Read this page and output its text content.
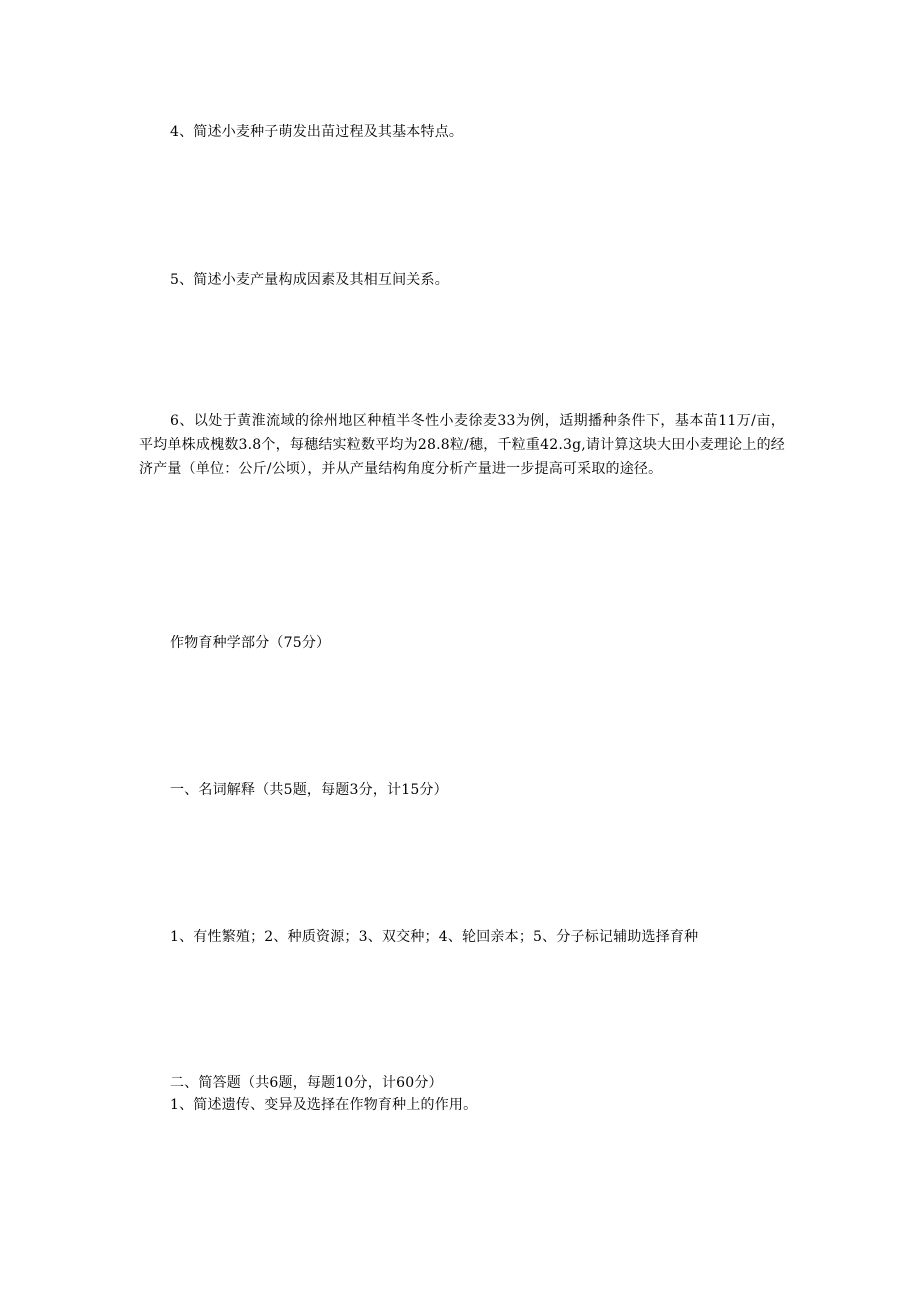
4、简述小麦种子萌发出苗过程及其基本特点。
5、简述小麦产量构成因素及其相互间关系。
6、以处于黄淮流域的徐州地区种植半冬性小麦徐麦33为例，适期播种条件下，基本苗11万/亩，平均单株成槐数3.8个，每穗结实粒数平均为28.8粒/穗，千粒重42.3g,请计算这块大田小麦理论上的经济产量（单位：公斤/公顷），并从产量结构角度分析产量进一步提高可采取的途径。
作物育种学部分（75分）
一、名词解释（共5题，每题3分，计15分）
1、有性繁殖；2、种质资源；3、双交种；4、轮回亲本；5、分子标记辅助选择育种
二、简答题（共6题，每题10分，计60分）
1、简述遗传、变异及选择在作物育种上的作用。
